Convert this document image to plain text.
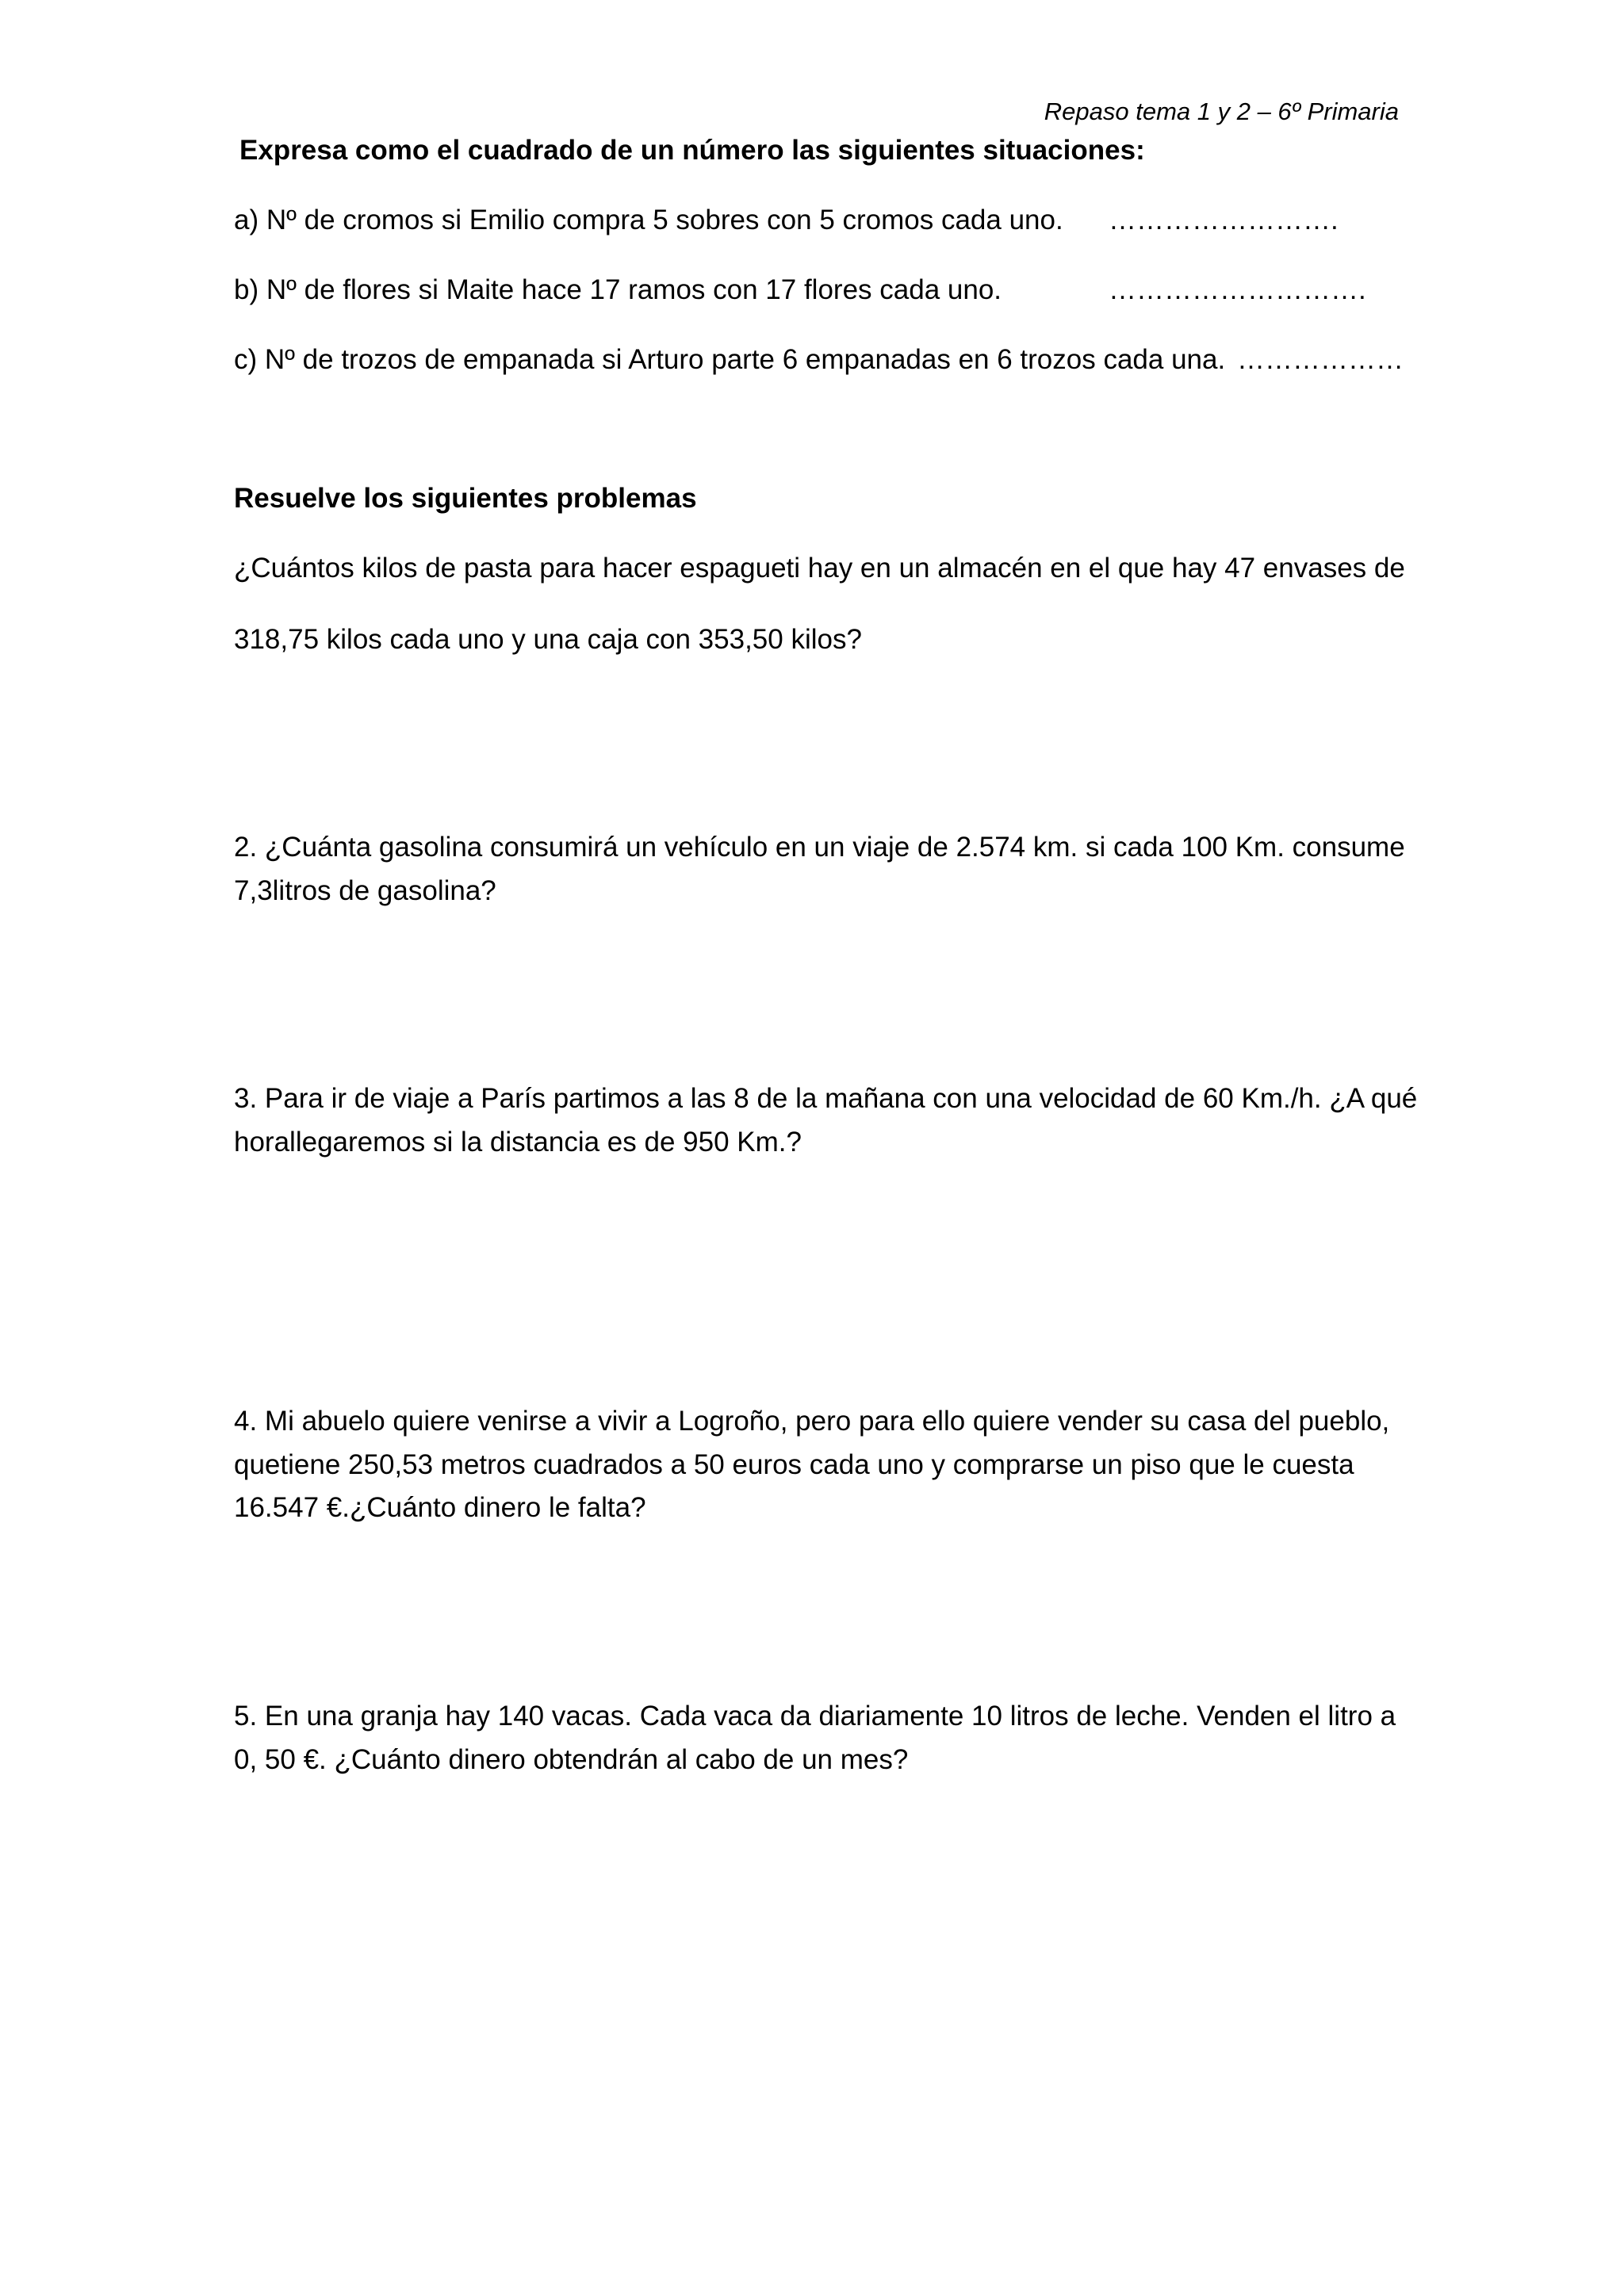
Repaso tema 1 y 2 – 6º Primaria
Expresa como el cuadrado de un número las siguientes situaciones:
a) Nº de cromos si Emilio compra 5 sobres con 5 cromos cada uno. …………………….
b) Nº de flores si Maite hace 17 ramos con 17 flores cada uno.	……………………….
c) Nº de trozos de empanada si Arturo parte 6 empanadas en 6 trozos cada una. ………………
Resuelve los siguientes problemas
¿Cuántos kilos de pasta para hacer espagueti hay en un almacén en el que hay 47 envases de
318,75 kilos cada uno y una caja con 353,50 kilos?
2. ¿Cuánta gasolina consumirá un vehículo en un viaje de 2.574 km. si cada 100 Km. consume
7,3litros de gasolina?
3. Para ir de viaje a París partimos a las 8 de la mañana con una velocidad de 60 Km./h. ¿A qué
horallegaremos si la distancia es de 950 Km.?
4. Mi abuelo quiere venirse a vivir a Logroño, pero para ello quiere vender su casa del pueblo,
quetiene 250,53 metros cuadrados a 50 euros cada uno y comprarse un piso que le cuesta
16.547 €.¿Cuánto dinero le falta?
5. En una granja hay 140 vacas. Cada vaca da diariamente 10 litros de leche. Venden el litro a
0, 50 €. ¿Cuánto dinero obtendrán al cabo de un mes?
